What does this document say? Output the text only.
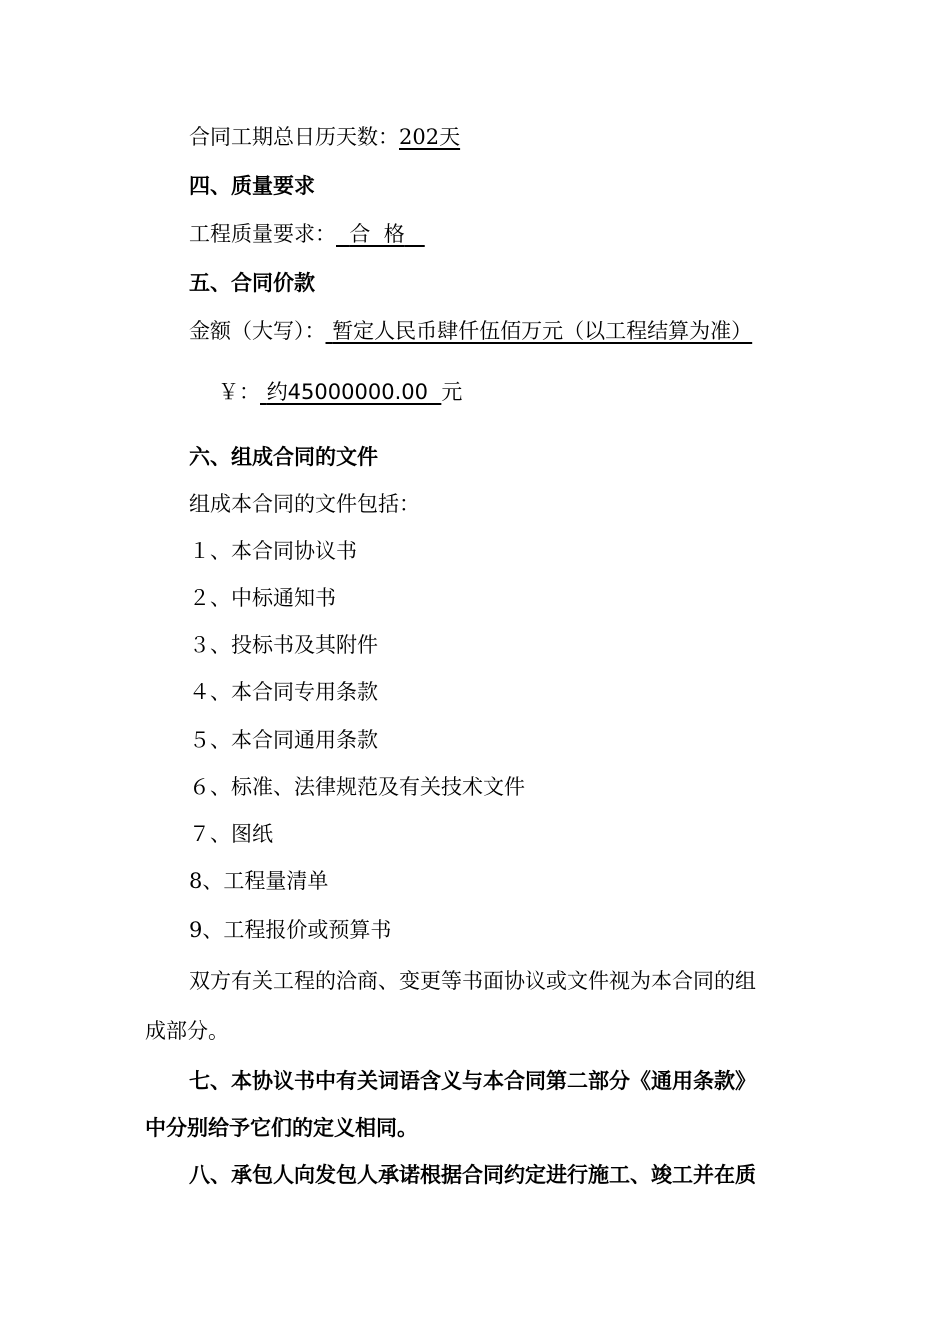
合同工期总日历天数：202天
四、质量要求
工程质量要求： 合  格
五、合同价款
金额（大写）： 暂定人民币肆仟伍佰万元（以工程结算为准）
￥： 约45000000.00 元
六、组成合同的文件
组成本合同的文件包括：
１、本合同协议书
２、中标通知书
３、投标书及其附件
４、本合同专用条款
５、本合同通用条款
６、标准、法律规范及有关技术文件
７、图纸
8、工程量清单
9、工程报价或预算书
双方有关工程的洽商、变更等书面协议或文件视为本合同的组
成部分。
七、本协议书中有关词语含义与本合同第二部分《通用条款》
中分别给予它们的定义相同。
八、承包人向发包人承诺根据合同约定进行施工、竣工并在质
